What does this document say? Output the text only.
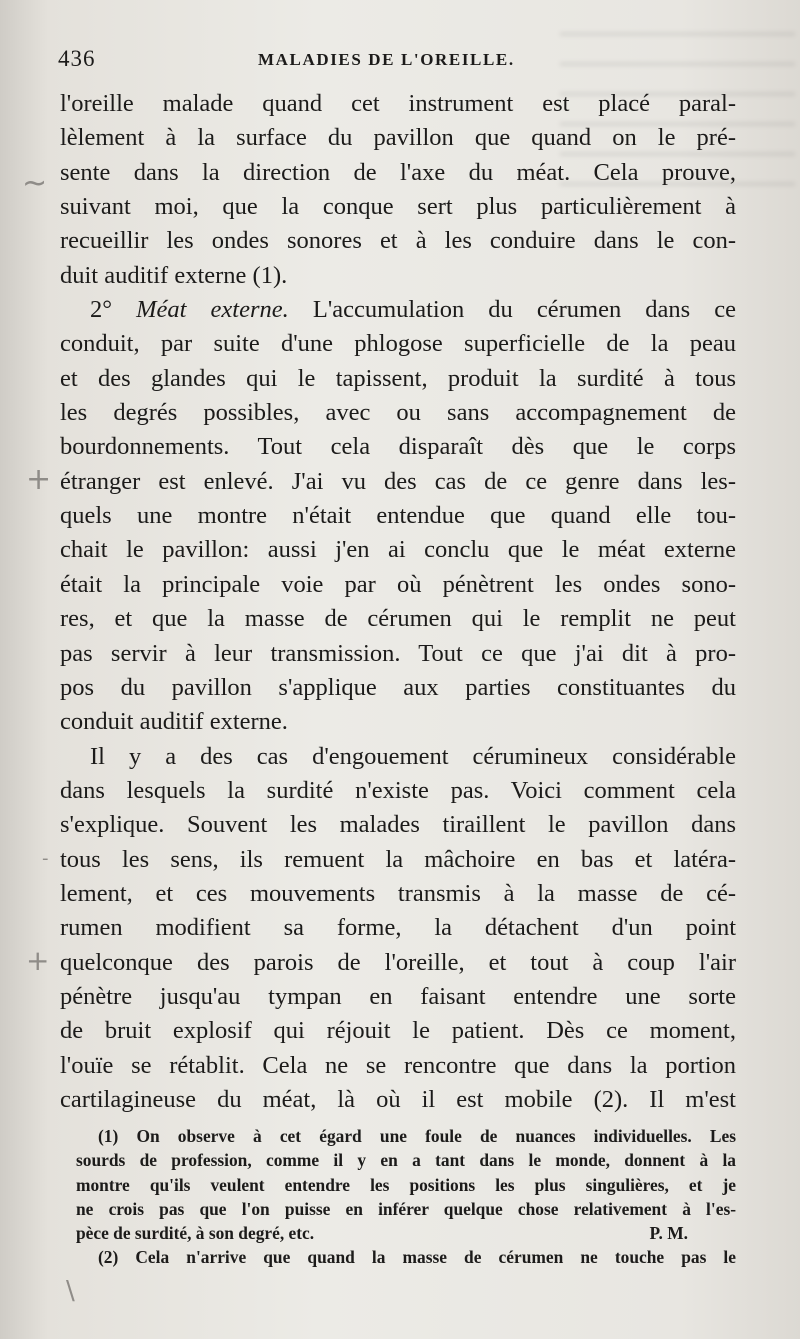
436	MALADIES DE L'OREILLE.
l'oreille malade quand cet instrument est placé paral-
lèlement à la surface du pavillon que quand on le pré-
sente dans la direction de l'axe du méat. Cela prouve,
suivant moi, que la conque sert plus particulièrement à
recueillir les ondes sonores et à les conduire dans le con-
duit auditif externe (1).
2° Méat externe. L'accumulation du cérumen dans ce
conduit, par suite d'une phlogose superficielle de la peau
et des glandes qui le tapissent, produit la surdité à tous
les degrés possibles, avec ou sans accompagnement de
bourdonnements. Tout cela disparaît dès que le corps
étranger est enlevé. J'ai vu des cas de ce genre dans les-
quels une montre n'était entendue que quand elle tou-
chait le pavillon: aussi j'en ai conclu que le méat externe
était la principale voie par où pénètrent les ondes sono-
res, et que la masse de cérumen qui le remplit ne peut
pas servir à leur transmission. Tout ce que j'ai dit à pro-
pos du pavillon s'applique aux parties constituantes du
conduit auditif externe.
Il y a des cas d'engouement cérumineux considérable
dans lesquels la surdité n'existe pas. Voici comment cela
s'explique. Souvent les malades tiraillent le pavillon dans
tous les sens, ils remuent la mâchoire en bas et latéra-
lement, et ces mouvements transmis à la masse de cé-
rumen modifient sa forme, la détachent d'un point
quelconque des parois de l'oreille, et tout à coup l'air
pénètre jusqu'au tympan en faisant entendre une sorte
de bruit explosif qui réjouit le patient. Dès ce moment,
l'ouïe se rétablit. Cela ne se rencontre que dans la portion
cartilagineuse du méat, là où il est mobile (2). Il m'est
(1) On observe à cet égard une foule de nuances individuelles. Les
sourds de profession, comme il y en a tant dans le monde, donnent à la
montre qu'ils veulent entendre les positions les plus singulières, et je
ne crois pas que l'on puisse en inférer quelque chose relativement à l'es-
pèce de surdité, à son degré, etc.	P. M.
(2) Cela n'arrive que quand la masse de cérumen ne touche pas le
~
+
+
-
\
